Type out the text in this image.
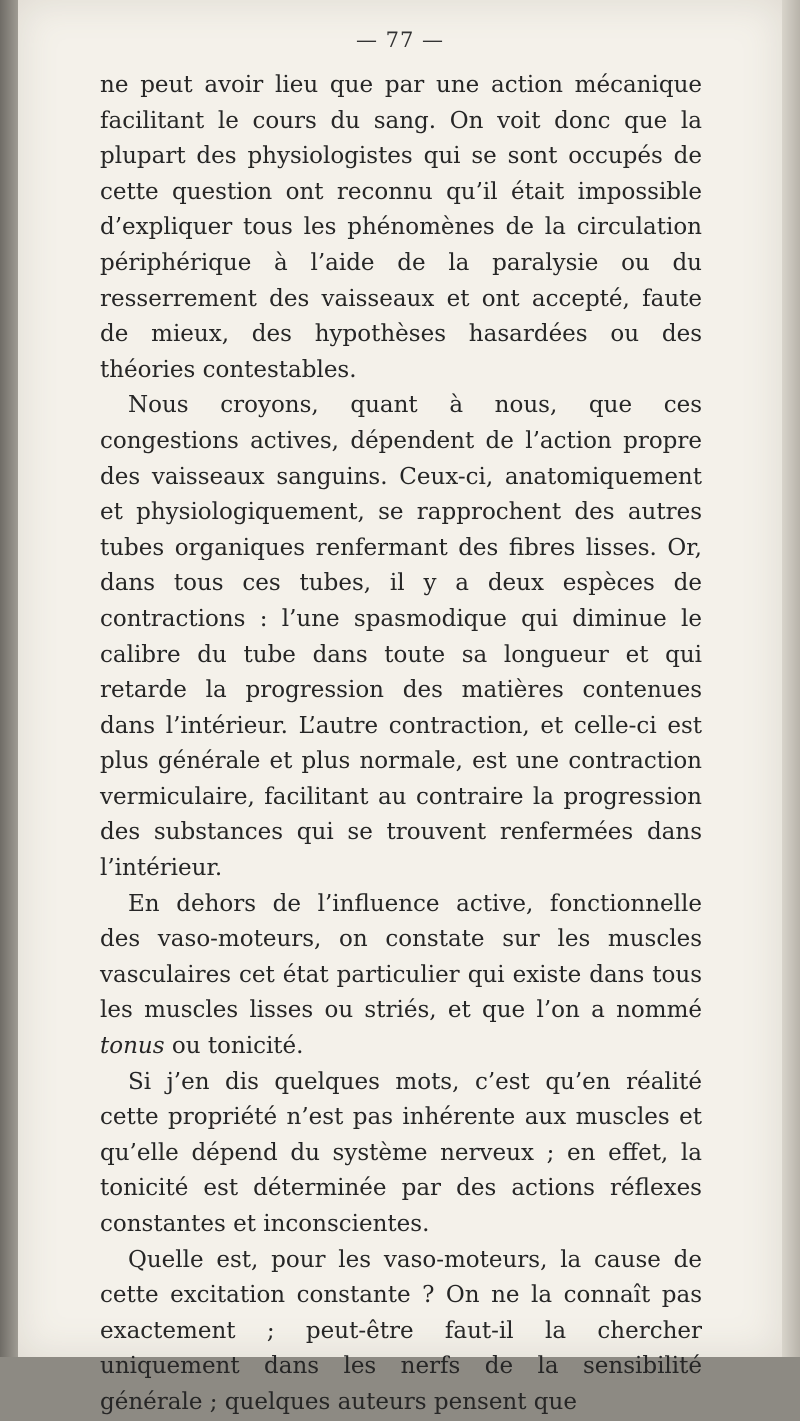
— 77 —

ne peut avoir lieu que par une action mécanique facilitant le cours du sang. On voit donc que la plupart des physiologistes qui se sont occupés de cette question ont reconnu qu’il était impossible d’expliquer tous les phénomènes de la circulation périphérique à l’aide de la paralysie ou du resserrement des vaisseaux et ont accepté, faute de mieux, des hypothèses hasardées ou des théories contestables.

Nous croyons, quant à nous, que ces congestions actives, dépendent de l’action propre des vaisseaux sanguins. Ceux-ci, anatomiquement et physiologiquement, se rapprochent des autres tubes organiques renfermant des fibres lisses. Or, dans tous ces tubes, il y a deux espèces de contractions : l’une spasmodique qui diminue le calibre du tube dans toute sa longueur et qui retarde la progression des matières contenues dans l’intérieur. L’autre contraction, et celle-ci est plus générale et plus normale, est une contraction vermiculaire, facilitant au contraire la progression des substances qui se trouvent renfermées dans l’intérieur.

En dehors de l’influence active, fonctionnelle des vaso-moteurs, on constate sur les muscles vasculaires cet état particulier qui existe dans tous les muscles lisses ou striés, et que l’on a nommé tonus ou tonicité.

Si j’en dis quelques mots, c’est qu’en réalité cette propriété n’est pas inhérente aux muscles et qu’elle dépend du système nerveux ; en effet, la tonicité est déterminée par des actions réflexes constantes et inconscientes.

Quelle est, pour les vaso-moteurs, la cause de cette excitation constante ? On ne la connaît pas exactement ; peut-être faut-il la chercher uniquement dans les nerfs de la sensibilité générale ; quelques auteurs pensent que
